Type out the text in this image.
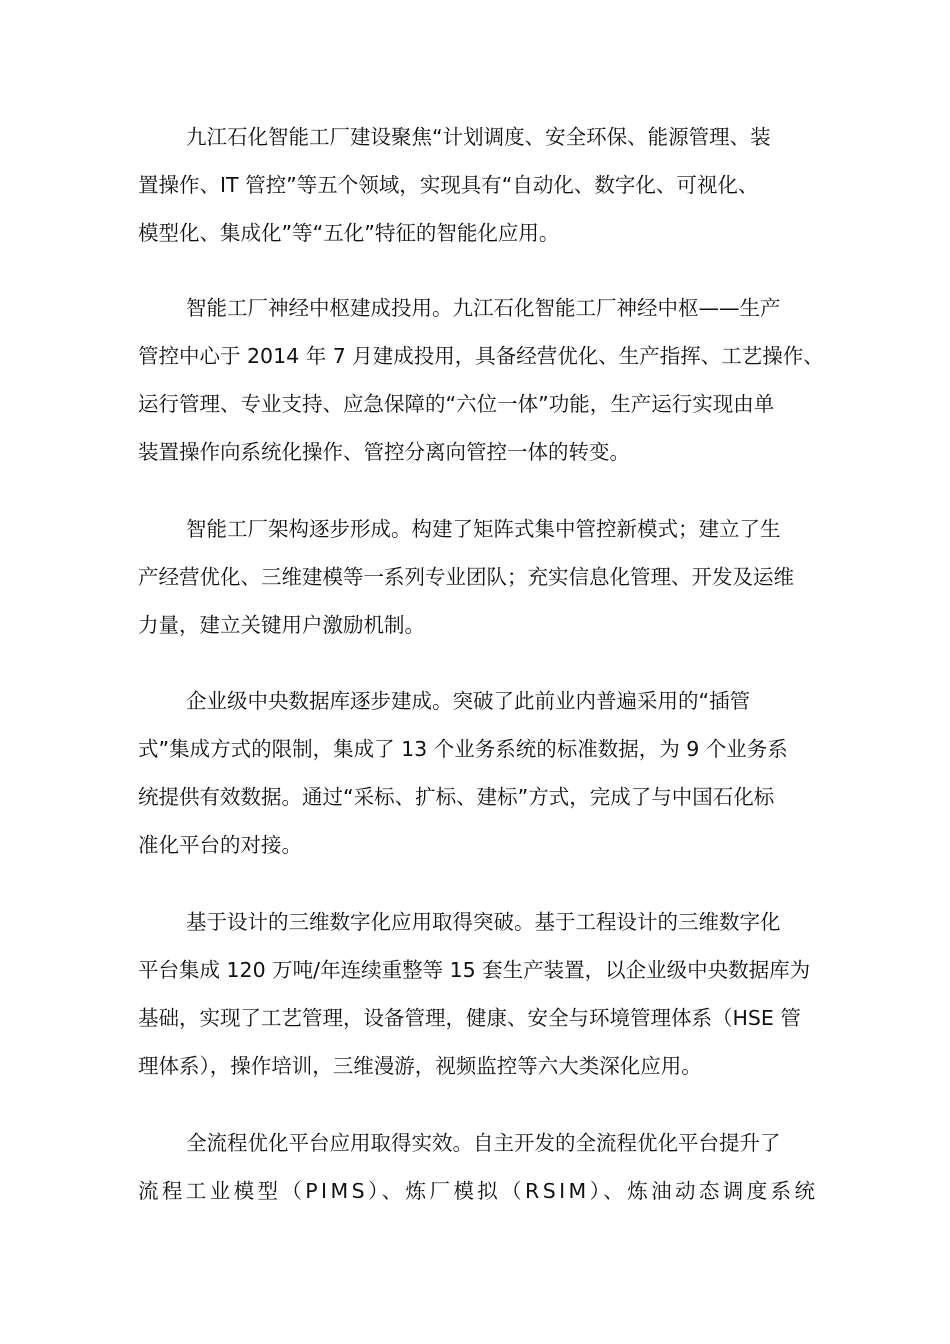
九江石化智能工厂建设聚焦“计划调度、安全环保、能源管理、装
置操作、IT 管控”等五个领域，实现具有“自动化、数字化、可视化、
模型化、集成化”等“五化”特征的智能化应用。
智能工厂神经中枢建成投用。九江石化智能工厂神经中枢——生产
管控中心于 2014 年 7 月建成投用，具备经营优化、生产指挥、工艺操作、
运行管理、专业支持、应急保障的“六位一体”功能，生产运行实现由单
装置操作向系统化操作、管控分离向管控一体的转变。
智能工厂架构逐步形成。构建了矩阵式集中管控新模式；建立了生
产经营优化、三维建模等一系列专业团队；充实信息化管理、开发及运维
力量，建立关键用户激励机制。
企业级中央数据库逐步建成。突破了此前业内普遍采用的“插管
式”集成方式的限制，集成了 13 个业务系统的标准数据，为 9 个业务系
统提供有效数据。通过“采标、扩标、建标”方式，完成了与中国石化标
准化平台的对接。
基于设计的三维数字化应用取得突破。基于工程设计的三维数字化
平台集成 120 万吨/年连续重整等 15 套生产装置，以企业级中央数据库为
基础，实现了工艺管理，设备管理，健康、安全与环境管理体系（HSE 管
理体系），操作培训，三维漫游，视频监控等六大类深化应用。
全流程优化平台应用取得实效。自主开发的全流程优化平台提升了
流程工业模型（PIMS）、炼厂模拟（RSIM）、炼油动态调度系统
